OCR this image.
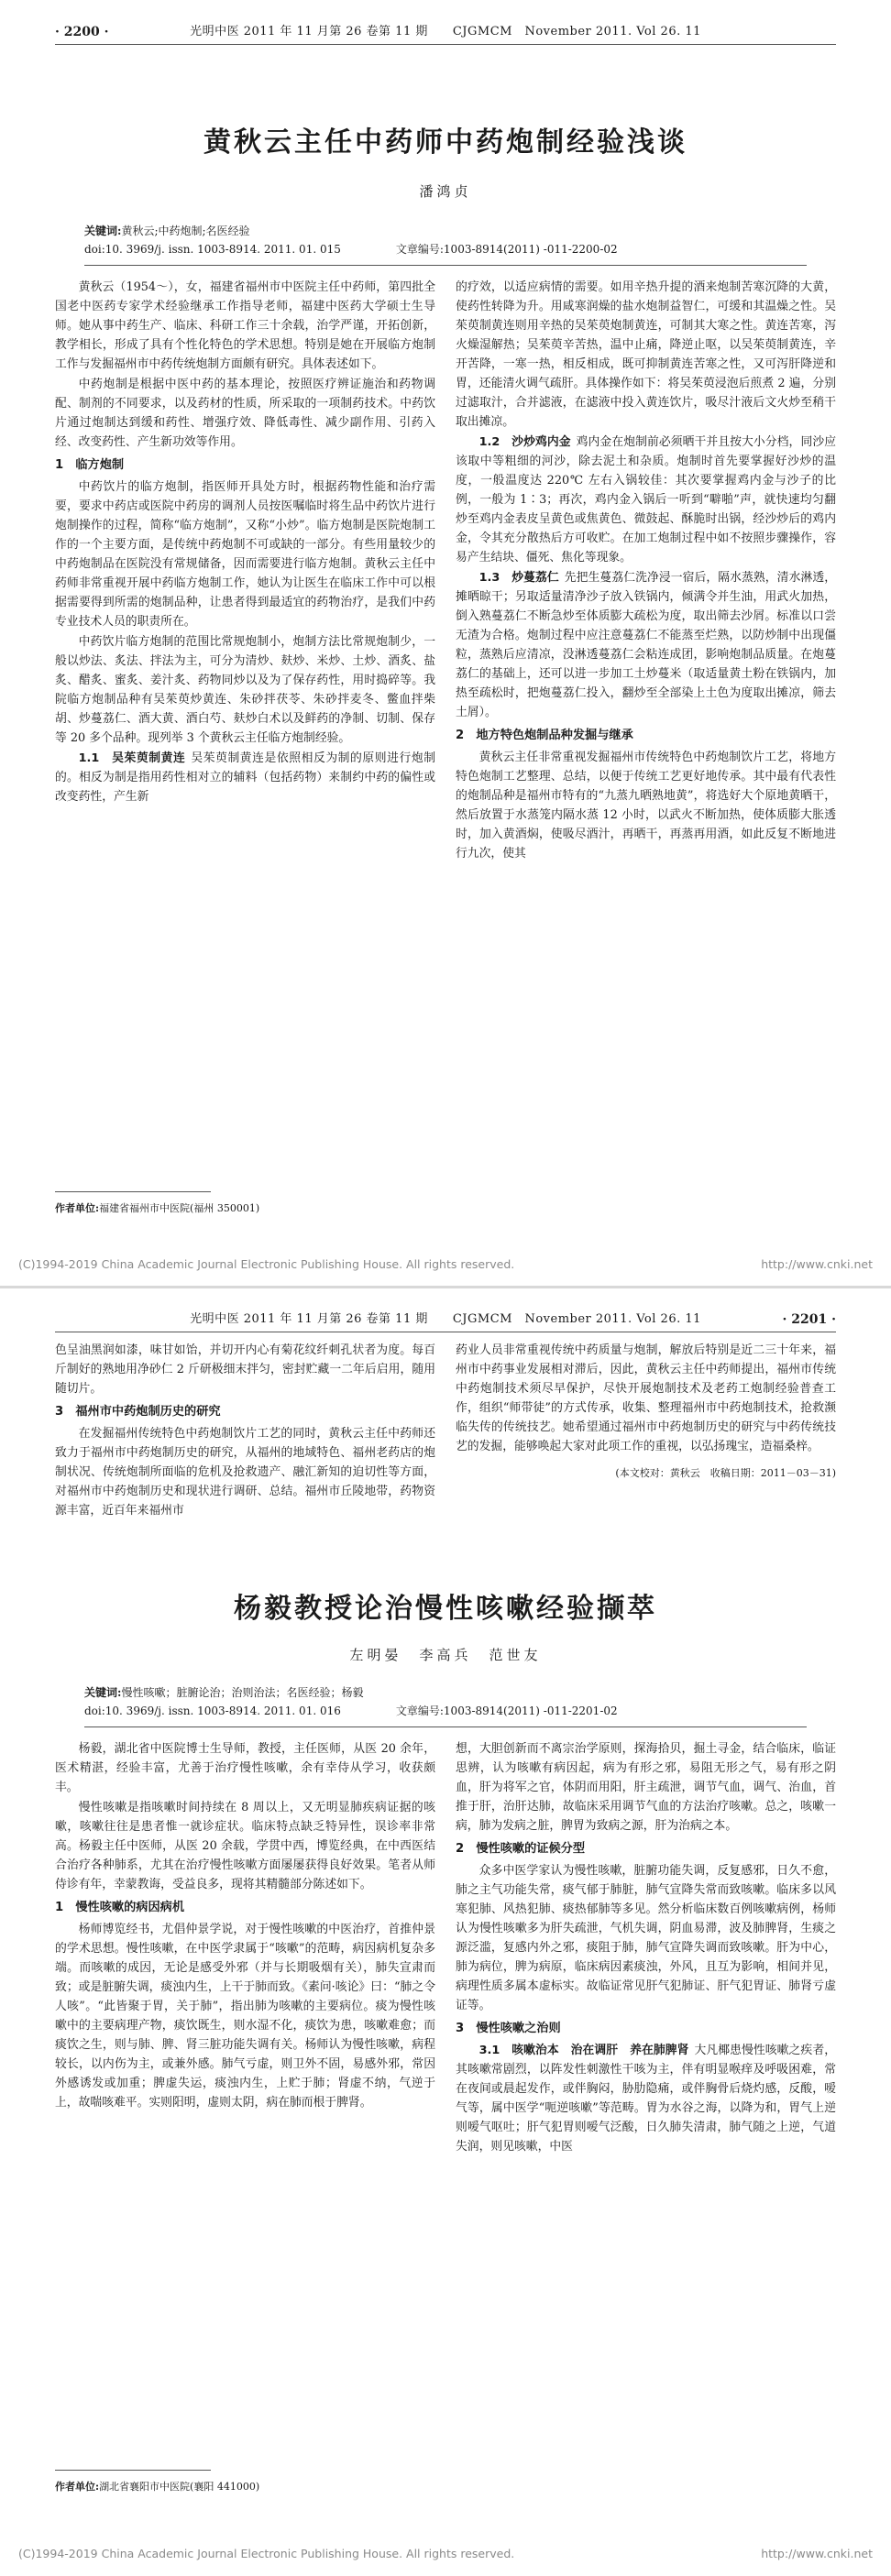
· 2200 ·	光明中医 2011 年 11 月第 26 卷第 11 期　　CJGMCM　November 2011. Vol 26. 11
黄秋云主任中药师中药炮制经验浅谈
潘鸿贞
关键词:黄秋云;中药炮制;名医经验
doi:10. 3969/j. issn. 1003-8914. 2011. 01. 015	文章编号:1003-8914(2011) -011-2200-02

黄秋云（1954～），女，福建省福州市中医院主任中药师，第四批全国老中医药专家学术经验继承工作指导老师，福建中医药大学硕士生导师。她从事中药生产、临床、科研工作三十余载，治学严谨，开拓创新，教学相长，形成了具有个性化特色的学术思想。特别是她在开展临方炮制工作与发掘福州市中药传统炮制方面颇有研究。具体表述如下。

中药炮制是根据中医中药的基本理论，按照医疗辨证施治和药物调配、制剂的不同要求，以及药材的性质，所采取的一项制药技术。中药饮片通过炮制达到缓和药性、增强疗效、降低毒性、减少副作用、引药入经、改变药性、产生新功效等作用。

1　临方炮制

中药饮片的临方炮制，指医师开具处方时，根据药物性能和治疗需要，要求中药店或医院中药房的调剂人员按医嘱临时将生品中药饮片进行炮制操作的过程，简称“临方炮制”，又称“小炒”。临方炮制是医院炮制工作的一个主要方面，是传统中药炮制不可或缺的一部分。有些用量较少的中药炮制品在医院没有常规储备，因而需要进行临方炮制。黄秋云主任中药师非常重视开展中药临方炮制工作，她认为让医生在临床工作中可以根据需要得到所需的炮制品种，让患者得到最适宜的药物治疗，是我们中药专业技术人员的职责所在。

中药饮片临方炮制的范围比常规炮制小，炮制方法比常规炮制少，一般以炒法、炙法、拌法为主，可分为清炒、麸炒、米炒、土炒、酒炙、盐炙、醋炙、蜜炙、姜汁炙、药物同炒以及为了保存药性，用时捣碎等。我院临方炮制品种有吴茱萸炒黄连、朱砂拌茯苓、朱砂拌麦冬、鳖血拌柴胡、炒蔓荔仁、酒大黄、酒白芍、麸炒白术以及鲜药的净制、切制、保存等 20 多个品种。现列举 3 个黄秋云主任临方炮制经验。

1.1　吴茱萸制黄连 吴茱萸制黄连是依照相反为制的原则进行炮制的。相反为制是指用药性相对立的辅料（包括药物）来制约中药的偏性或改变药性，产生新

的疗效，以适应病情的需要。如用辛热升提的酒来炮制苦寒沉降的大黄，使药性转降为升。用咸寒润燥的盐水炮制益智仁，可缓和其温燥之性。吴茱萸制黄连则用辛热的吴茱萸炮制黄连，可制其大寒之性。黄连苦寒，泻火燥湿解热；吴茱萸辛苦热，温中止痛，降逆止呕，以吴茱萸制黄连，辛开苦降，一寒一热，相反相成，既可抑制黄连苦寒之性，又可泻肝降逆和胃，还能清火调气疏肝。具体操作如下：将吴茱萸浸泡后煎煮 2 遍，分别过滤取汁，合并滤液，在滤液中投入黄连饮片，吸尽汁液后文火炒至稍干取出摊凉。

1.2　沙炒鸡内金 鸡内金在炮制前必须晒干并且按大小分档，同沙应该取中等粗细的河沙，除去泥土和杂质。炮制时首先要掌握好沙炒的温度，一般温度达 220℃ 左右入锅较佳：其次要掌握鸡内金与沙子的比例，一般为 1∶3；再次，鸡内金入锅后一听到“噼啪”声，就快速均匀翻炒至鸡内金表皮呈黄色或焦黄色、微鼓起、酥脆时出锅，经沙炒后的鸡内金，令其充分散热后方可收贮。在加工炮制过程中如不按照步骤操作，容易产生结块、僵死、焦化等现象。

1.3　炒蔓荔仁 先把生蔓荔仁洗净浸一宿后，隔水蒸熟，清水淋透，摊晒晾干；另取适量清净沙子放入铁锅内，倾满令并生油，用武火加热，倒入熟蔓荔仁不断急炒至体质膨大疏松为度，取出筛去沙屑。标准以口尝无渣为合格。炮制过程中应注意蔓荔仁不能蒸至烂熟，以防炒制中出现僵粒，蒸熟后应清凉，没淋透蔓荔仁会粘连成团，影响炮制品质量。在炮蔓荔仁的基础上，还可以进一步加工土炒蔓米（取适量黄土粉在铁锅内，加热至疏松时，把炮蔓荔仁投入，翻炒至全部染上土色为度取出摊凉，筛去土屑）。

2　地方特色炮制品种发掘与继承

黄秋云主任非常重视发掘福州市传统特色中药炮制饮片工艺，将地方特色炮制工艺整理、总结，以便于传统工艺更好地传承。其中最有代表性的炮制品种是福州市特有的“九蒸九晒熟地黄”，将选好大个原地黄晒干，然后放置于水蒸笼内隔水蒸 12 小时，以武火不断加热，使体质膨大胀透时，加入黄酒焖，使吸尽酒汁，再晒干，再蒸再用酒，如此反复不断地进行九次，使其

作者单位:福建省福州市中医院(福州 350001)
(C)1994-2019 China Academic Journal Electronic Publishing House. All rights reserved.	http://www.cnki.net
光明中医 2011 年 11 月第 26 卷第 11 期　　CJGMCM　November 2011. Vol 26. 11	· 2201 ·

色呈油黑润如漆，味甘如饴，并切开内心有菊花纹纤刺孔状者为度。每百斤制好的熟地用净砂仁 2 斤研极细末拌匀，密封贮藏一二年后启用，随用随切片。

3　福州市中药炮制历史的研究

在发掘福州传统特色中药炮制饮片工艺的同时，黄秋云主任中药师还致力于福州市中药炮制历史的研究，从福州的地域特色、福州老药店的炮制状况、传统炮制所面临的危机及抢救遗产、融汇新知的迫切性等方面，对福州市中药炮制历史和现状进行调研、总结。福州市丘陵地带，药物资源丰富，近百年来福州市

药业人员非常重视传统中药质量与炮制，解放后特别是近二三十年来，福州市中药事业发展相对滞后，因此，黄秋云主任中药师提出，福州市传统中药炮制技术须尽早保护，尽快开展炮制技术及老药工炮制经验普查工作，组织“师带徒”的方式传承，收集、整理福州市中药炮制技术，抢救濒临失传的传统技艺。她希望通过福州市中药炮制历史的研究与中药传统技艺的发掘，能够唤起大家对此项工作的重视，以弘扬瑰宝，造福桑梓。

(本文校对：黄秋云　收稿日期：2011－03－31)
杨毅教授论治慢性咳嗽经验撷萃
左明晏　李高兵　范世友
关键词:慢性咳嗽；脏腑论治；治则治法；名医经验；杨毅
doi:10. 3969/j. issn. 1003-8914. 2011. 01. 016	文章编号:1003-8914(2011) -011-2201-02

杨毅，湖北省中医院博士生导师，教授，主任医师，从医 20 余年，医术精湛，经验丰富，尤善于治疗慢性咳嗽，余有幸侍从学习，收获颇丰。

慢性咳嗽是指咳嗽时间持续在 8 周以上，又无明显肺疾病证据的咳嗽，咳嗽往往是患者惟一就诊症状。临床特点缺乏特异性，误诊率非常高。杨毅主任中医师，从医 20 余载，学贯中西，博览经典，在中西医结合治疗各种肺系，尤其在治疗慢性咳嗽方面屡屡获得良好效果。笔者从师侍诊有年，幸蒙教诲，受益良多，现将其精髓部分陈述如下。

1　慢性咳嗽的病因病机

杨师博览经书，尤倡仲景学说，对于慢性咳嗽的中医治疗，首推仲景的学术思想。慢性咳嗽，在中医学隶属于“咳嗽”的范畴，病因病机复杂多端。而咳嗽的成因，无论是感受外邪（并与长期吸烟有关），肺失宣肃而致；或是脏腑失调，痰浊内生，上干于肺而致。《素问·咳论》曰：“肺之令人咳”。“此皆聚于胃，关于肺”，指出肺为咳嗽的主要病位。痰为慢性咳嗽中的主要病理产物，痰饮既生，则水湿不化，痰饮为患，咳嗽难愈；而痰饮之生，则与肺、脾、肾三脏功能失调有关。杨师认为慢性咳嗽，病程较长，以内伤为主，或兼外感。肺气亏虚，则卫外不固，易感外邪，常因外感诱发或加重；脾虚失运，痰浊内生，上贮于肺；肾虚不纳，气逆于上，故喘咳难平。实则阳明，虚则太阴，病在肺而根于脾肾。

想，大胆创新而不离宗治学原则，探海拾贝，掘土寻金，结合临床，临证思辨，认为咳嗽有病因起，病为有形之邪，易阻无形之气，易有形之阴血，肝为将军之官，体阴而用阳，肝主疏泄，调节气血，调气、治血，首推于肝，治肝达肺，故临床采用调节气血的方法治疗咳嗽。总之，咳嗽一病，肺为发病之脏，脾胃为致病之源，肝为治病之本。

2　慢性咳嗽的证候分型

众多中医学家认为慢性咳嗽，脏腑功能失调，反复感邪，日久不愈，肺之主气功能失常，痰气郁于肺脏，肺气宣降失常而致咳嗽。临床多以风寒犯肺、风热犯肺、痰热郁肺等多见。然分析临床数百例咳嗽病例，杨师认为慢性咳嗽多为肝失疏泄，气机失调，阴血易滞，波及肺脾肾，生痰之源泛滥，复感内外之邪，痰阻于肺，肺气宣降失调而致咳嗽。肝为中心，肺为病位，脾为病原，临床病因素痰浊，外风，且互为影响，相间并见，病理性质多属本虚标实。故临证常见肝气犯肺证、肝气犯胃证、肺肾亏虚证等。

3　慢性咳嗽之治则

3.1　咳嗽治本　治在调肝　养在肺脾肾 大凡椰患慢性咳嗽之疾者，其咳嗽常剧烈，以阵发性刺激性干咳为主，伴有明显喉痒及呼吸困难，常在夜间或晨起发作，或伴胸闷，胁肋隐痛，或伴胸骨后烧灼感，反酸，嗳气等，属中医学“呃逆咳嗽”等范畴。胃为水谷之海，以降为和，胃气上逆则嗳气呕吐；肝气犯胃则嗳气泛酸，日久肺失清肃，肺气随之上逆，气道失润，则见咳嗽，中医

作者单位:湖北省襄阳市中医院(襄阳 441000)
(C)1994-2019 China Academic Journal Electronic Publishing House. All rights reserved.	http://www.cnki.net
